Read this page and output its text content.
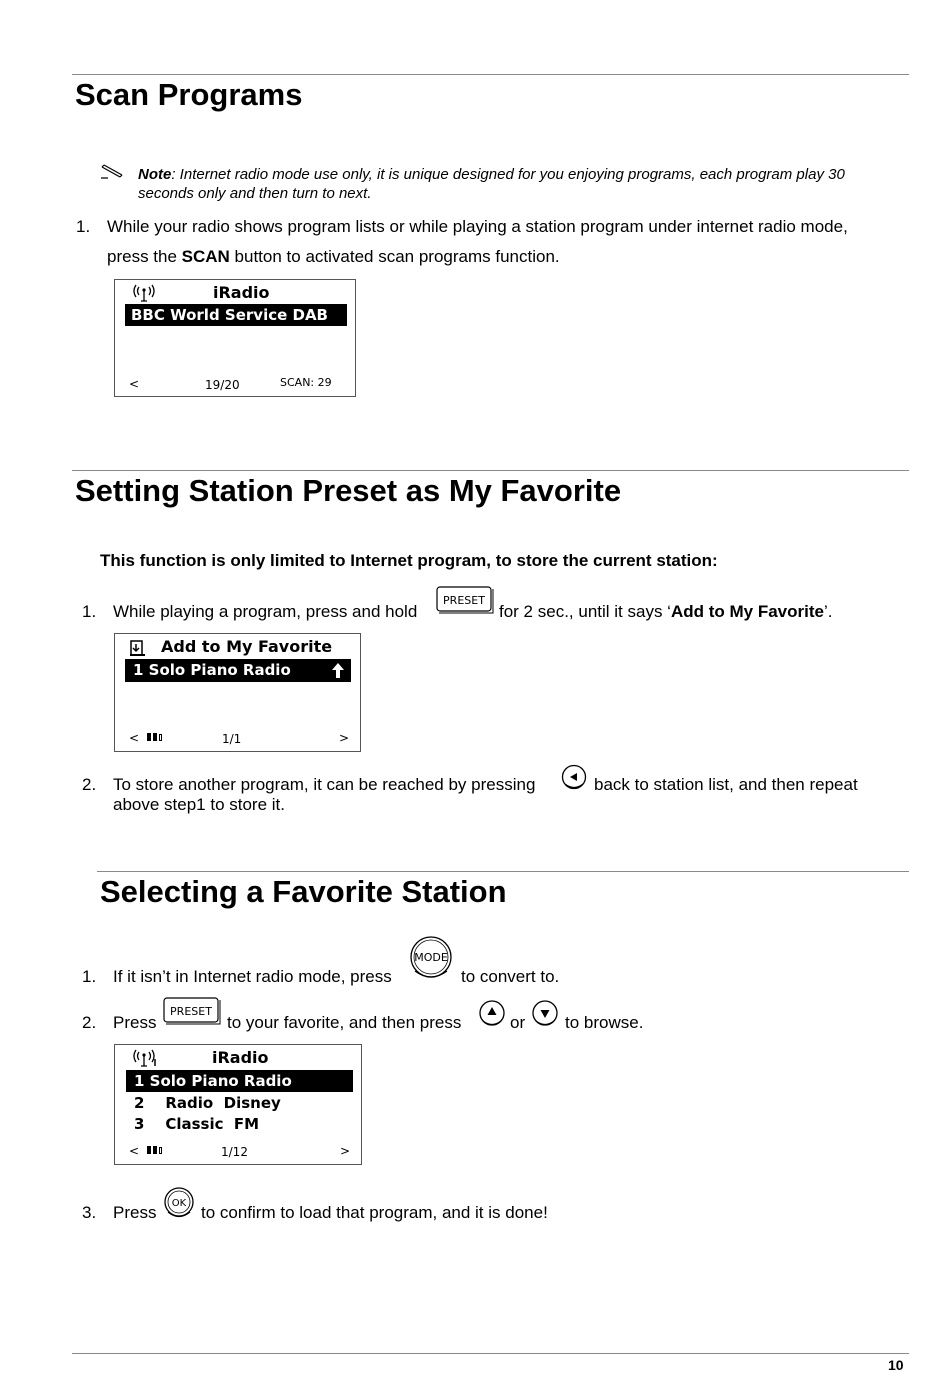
Scan Programs
Note: Internet radio mode use only, it is unique designed for you enjoying programs, each program play 30
seconds only and then turn to next.
1. While your radio shows program lists or while playing a station program under internet radio mode,
press the SCAN button to activated scan programs function.
iRadio
BBC World Service DAB
<	19/20	SCAN: 29
Setting Station Preset as My Favorite
This function is only limited to Internet program, to store the current station:
1. While playing a program, press and hold
PRESET
for 2 sec., until it says ‘Add to My Favorite’.
Add to My Favorite
1 Solo Piano Radio
<	1/1	>
2. To store another program, it can be reached by pressing	back to station list, and then repeat
above step1 to store it.
Selecting a Favorite Station
1. If it isn’t in Internet radio mode, press
MODE
to convert to.
2. Press
PRESET
to your favorite, and then press	or to browse.
iRadio
1 Solo Piano Radio
2    Radio  Disney
3    Classic  FM
<	1/12	>
3. Press OK to confirm to load that program, and it is done!
10
